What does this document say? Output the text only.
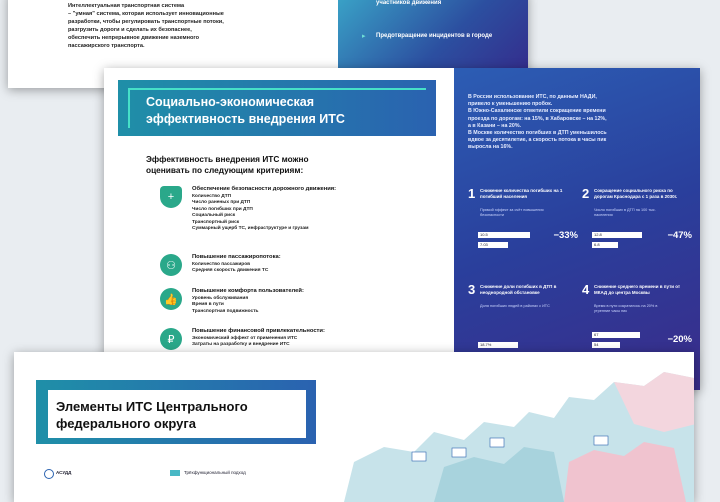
Интеллектуальная транспортная система
– "умная" система, которая использует инновационные
разработки, чтобы регулировать транспортные потоки,
разгрузить дороги и сделать их безопаснее,
обеспечить непрерывное движение наземного
пассажирского транспорта.
участников движения
▸ Предотвращение инцидентов в городе
Социально-экономическая
эффективность внедрения ИТС
Эффективность внедрения ИТС можно
оценивать по следующим критериям:
+
Обеспечение безопасности дорожного движения:
Количество ДТП
Число раненых при ДТП
Число погибших при ДТП
Социальный риск
Транспортный риск
Суммарный ущерб ТС, инфраструктуре и грузам
⚇
Повышение пассажиропотока:
Количество пассажиров
Средняя скорость движения ТС
👍
Повышение комфорта пользователей:
Уровень обслуживания
Время в пути
Транспортная подвижность
₽
Повышение финансовой привлекательности:
Экономический эффект от применения ИТС
Затраты на разработку и внедрение ИТС
В России использование ИТС, по данным НАДИ,
привело к уменьшению пробок.
В Южно-Сахалинске отметили сокращение времени
проезда по дорогам: на 15%, в Хабаровске – на 12%,
а в Казани – на 20%.
В Москве количество погибших в ДТП уменьшилось
вдвое за десятилетие, а скорость потока в часы пик
выросла на 16%.
1 Снижение количества погибших на 1 погибший населения
Прямой эффект за счёт повышения безопасности
10.5
7.03
−33%
2 Сокращение социального риска по дорогам Краснодара с 1 раза в 2030г.
Число погибших в ДТП на 100 тыс. населения
12.8
6.8
−47%
3 Снижение доли погибших в ДТП в неоднородной обстановке
Доля погибших людей в районах с ИТС
18.7%
4 Снижение среднего времени в пути от МКАД до центра Москвы
Время в пути сократилось на 20% в утренние часы пик
67
54	−20%
Элементы ИТС Центрального
федерального округа
АСУДД	Трёхфункциональный подход
